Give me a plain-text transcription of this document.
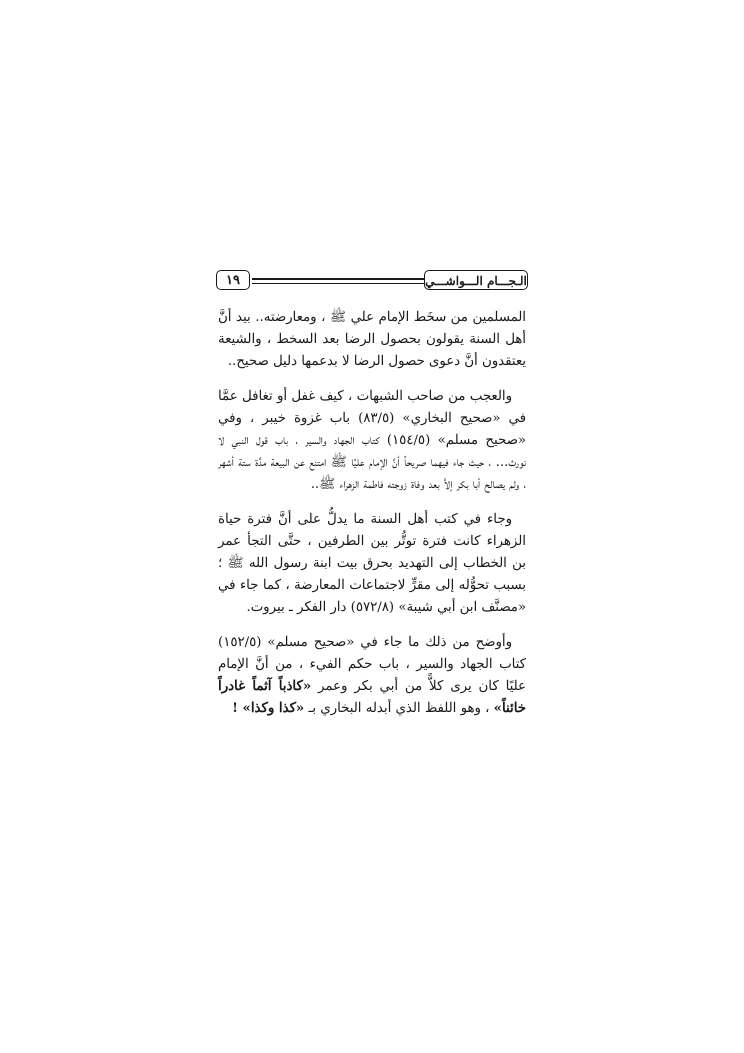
١٩	الـجـــام الـــواشـــي

المسلمين من سخَط الإمام علي ﷺ ، ومعارضته.. بيد أنَّ أهل السنة يقولون بحصول الرضا بعد السخط ، والشيعة يعتقدون أنَّ دعوى حصول الرضا لا بدعمها دليل صحيح..

والعجب من صاحب الشبهات ، كيف غفل أو تغافل عمَّا في «صحيح البخاري» (٨٣/٥) باب غزوة خيبر ، وفي «صحيح مسلم» (١٥٤/٥) كتاب الجهاد والسير ، باب قول النبي لا نورث... ، حيث جاء فيهما صريحاً أنَّ الإمام عليًا ﷺ امتنع عن البيعة مدَّة ستة أشهر ، ولم يصالح أبا بكر إلاَّ بعد وفاة زوجته فاطمة الزهراء ﷺ..

وجاء في كتب أهل السنة ما يدلُّ على أنَّ فترة حياة الزهراء كانت فترة توتُّر بين الطرفين ، حتَّى التجأ عمر بن الخطاب إلى التهديد بحرق بيت ابنة رسول الله ﷺ ؛ بسبب تحوُّله إلى مقرٍّ لاجتماعات المعارضة ، كما جاء في «مصنَّف ابن أبي شيبة» (٥٧٢/٨) دار الفكر ـ بيروت.

وأوضح من ذلك ما جاء في «صحيح مسلم» (١٥٢/٥) كتاب الجهاد والسير ، باب حكم الفيء ، من أنَّ الإمام عليًا كان يرى كلاًّ من أبي بكر وعمر «كاذباً آثماً غادراً خائناً» ، وهو اللفظ الذي أبدله البخاري بـ «كذا وكذا» !
